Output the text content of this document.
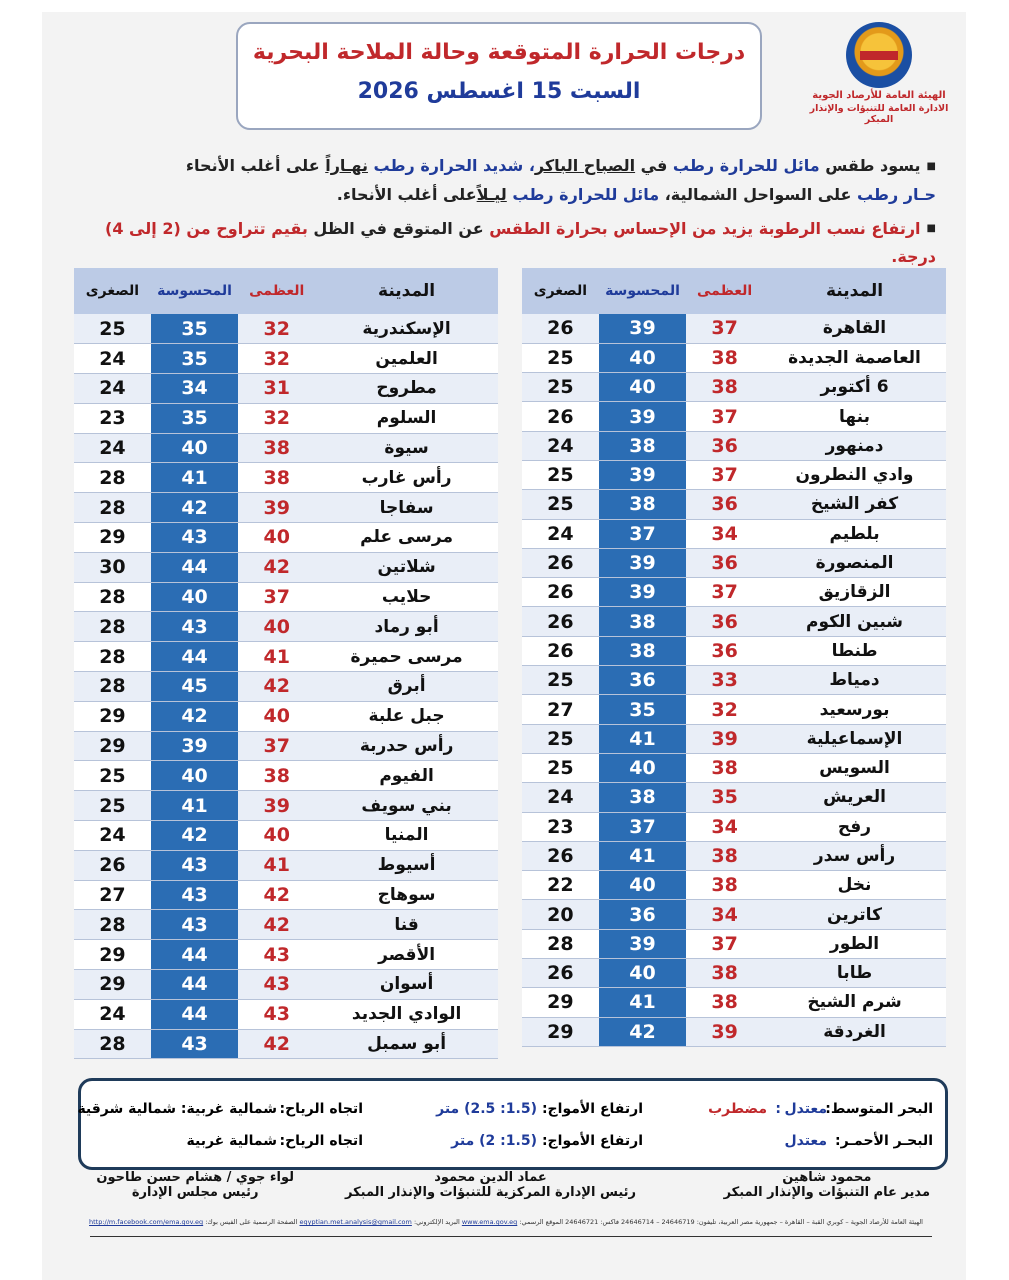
درجات الحرارة المتوقعة وحالة الملاحة البحرية
السبت 15 اغسطس 2026	الهيئة العامة للأرصاد الجوية
الادارة العامة للتنبؤات والإنذار المبكر
■يسود طقس مائل للحرارة رطب في الصباح الباكر، شديد الحرارة رطب نهـاراً على أغلب الأنحاء
حـار رطب على السواحل الشمالية، مائل للحرارة رطب ليـلاًعلى أغلب الأنحاء.
■ارتفاع نسب الرطوبة يزيد من الإحساس بحرارة الطقس عن المتوقع في الظل بقيم تتراوح من (2 إلى 4) درجة.
المدينة	العظمى	المحسوسة	الصغرى
القاهرة	37	39	26
العاصمة الجديدة	38	40	25
6 أكتوبر	38	40	25
بنها	37	39	26
دمنهور	36	38	24
وادي النطرون	37	39	25
كفر الشيخ	36	38	25
بلطيم	34	37	24
المنصورة	36	39	26
الزقازيق	37	39	26
شبين الكوم	36	38	26
طنطا	36	38	26
دمياط	33	36	25
بورسعيد	32	35	27
الإسماعيلية	39	41	25
السويس	38	40	25
العريش	35	38	24
رفح	34	37	23
رأس سدر	38	41	26
نخل	38	40	22
كاترين	34	36	20
الطور	37	39	28
طابا	38	40	26
شرم الشيخ	38	41	29
الغردقة	39	42	29
المدينة	العظمى	المحسوسة	الصغرى
الإسكندرية	32	35	25
العلمين	32	35	24
مطروح	31	34	24
السلوم	32	35	23
سيوة	38	40	24
رأس غارب	38	41	28
سفاجا	39	42	28
مرسى علم	40	43	29
شلاتين	42	44	30
حلايب	37	40	28
أبو رماد	40	43	28
مرسى حميرة	41	44	28
أبرق	42	45	28
جبل علبة	40	42	29
رأس حدربة	37	39	29
الفيوم	38	40	25
بني سويف	39	41	25
المنيا	40	42	24
أسيوط	41	43	26
سوهاج	42	43	27
قنا	42	43	28
الأقصر	43	44	29
أسوان	43	44	29
الوادي الجديد	43	44	24
أبو سمبل	42	43	28
البحر المتوسط:
معتدل
:
مضطرب
ارتفاع الأمواج:
(1.5: 2.5) متر
اتجاه الرياح:
شمالية غربية: شمالية شرقية
البحـر الأحمـر:
معتدل
ارتفاع الأمواج:
(1.5: 2) متر
اتجاه الرياح:
شمالية غربية
محمود شاهين
مدير عام التنبؤات والإنذار المبكر
عماد الدين محمود
رئيس الإدارة المركزية للتنبؤات والإنذار المبكر
لواء جوي / هشام حسن طاحون
رئيس مجلس الإدارة
الهيئة العامة للأرصاد الجوية – كوبري القبة – القاهرة – جمهورية مصر العربية، تليفون: 24646719 – 24646714 فاكس: 24646721 الموقع الرسمي: www.ema.gov.eg البريد الإلكتروني: egyptian.met.analysis@gmail.com الصفحة الرسمية على الفيس بوك: http://m.facebook.com/ema.gov.eg
